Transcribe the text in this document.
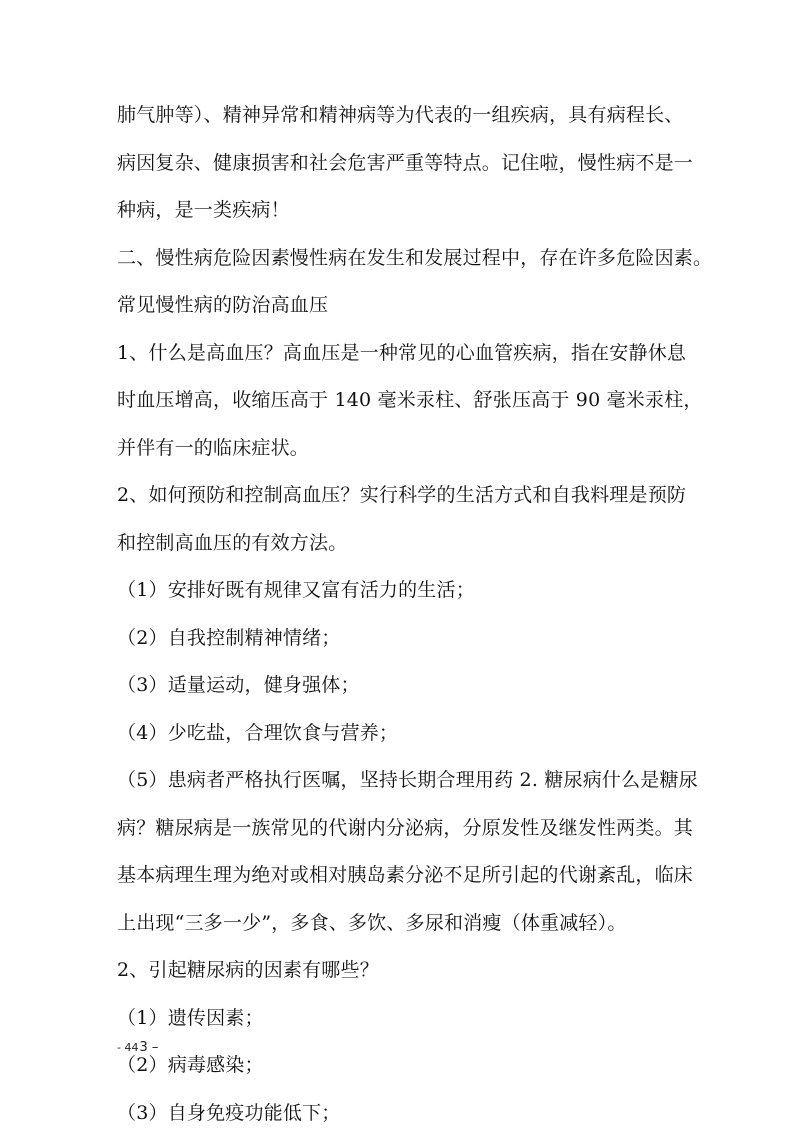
肺气肿等）、精神异常和精神病等为代表的一组疾病，具有病程长、
病因复杂、健康损害和社会危害严重等特点。记住啦，慢性病不是一
种病，是一类疾病！
二、慢性病危险因素慢性病在发生和发展过程中，存在许多危险因素。
常见慢性病的防治高血压
1、什么是高血压？高血压是一种常见的心血管疾病，指在安静休息
时血压增高，收缩压高于 140 毫米汞柱、舒张压高于 90 毫米汞柱，
并伴有一的临床症状。
2、如何预防和控制高血压？实行科学的生活方式和自我料理是预防
和控制高血压的有效方法。
（1）安排好既有规律又富有活力的生活；
（2）自我控制精神情绪；
（3）适量运动，健身强体；
（4）少吃盐，合理饮食与营养；
（5）患病者严格执行医嘱，坚持长期合理用药 2. 糖尿病什么是糖尿
病？糖尿病是一族常见的代谢内分泌病，分原发性及继发性两类。其
基本病理生理为绝对或相对胰岛素分泌不足所引起的代谢紊乱，临床
上出现“三多一少”，多食、多饮、多尿和消瘦（体重减轻）。
2、引起糖尿病的因素有哪些？
（1）遗传因素；
（2）病毒感染；
（3）自身免疫功能低下；
- 443 –
